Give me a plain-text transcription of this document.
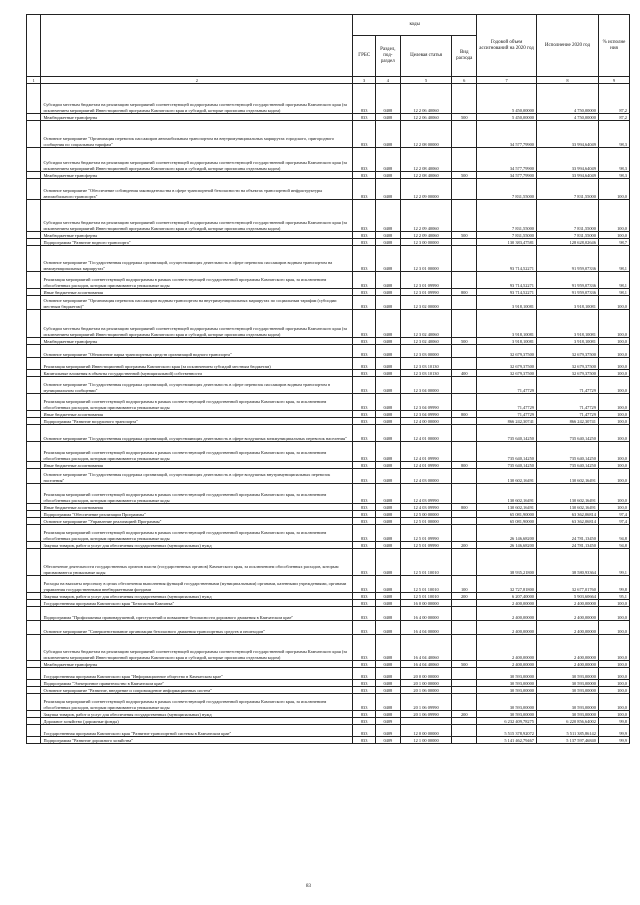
		коды				Годовой объем ассигнований на 2020 год	Исполнение 2020 год	% исполне ния
		ГРБС	Раздел, под-раздел	Целевая статья	Вид расхода			
1	2	3	4	5	6	7	8	9
	Субсидии местным бюджетам на реализацию мероприятий соответствующей подпрограммы соответствующей государственной программы Камчатского края (за исключением мероприятий Инвестиционной программы Камчатского края и субсидий, которые прописаны отдельным кодом)	833	0408	12 2 06 40060		5 450,00000	4 750,00000	87,2
	Межбюджетные трансферты	833	0408	12 2 06 40060	500	5 450,00000	4 750,00000	87,2
	Основное мероприятие "Организация перевозок пассажиров автомобильным транспортом на внутримуниципальных маршрутах городского, пригородного сообщения по социальным тарифам"	833	0408	12 2 08 00000		34 577,79900	33 994,64049	98,3
	Субсидии местным бюджетам на реализацию мероприятий соответствующей подпрограммы соответствующей государственной программы Камчатского края (за исключением мероприятий Инвестиционной программы Камчатского края и субсидий, которые прописаны отдельным кодом)	833	0408	12 2 08 40060		34 577,79900	33 994,64049	98,3
	Межбюджетные трансферты	833	0408	12 2 08 40060	500	34 577,79900	33 994,64049	98,3
	Основное мероприятие "Обеспечение соблюдения законодательства в сфере транспортной безопасности на объектах транспортной инфраструктуры автомобильного транспорта"	833	0408	12 2 09 00000		7 831,55000	7 831,55000	100,0
	Субсидии местным бюджетам на реализацию мероприятий соответствующей подпрограммы соответствующей государственной программы Камчатского края (за исключением мероприятий Инвестиционной программы Камчатского края и субсидий, которые прописаны отдельным кодом)	833	0408	12 2 09 40060		7 831,55000	7 831,55000	100,0
	Межбюджетные трансферты	833	0408	12 2 09 40060	500	7 831,55000	7 831,55000	100,0
	Подпрограмма "Развитие водного транспорта"	833	0408	12 3 00 00000		130 383,47581	128 628,02646	98,7
	Основное мероприятие "Государственная поддержка организаций, осуществляющих деятельность в сфере перевозок пассажиров водным транспортом на межмуниципальных маршрутах"	833	0408	12 3 01 00000		93 714,52271	91 959,07336	98,1
	Реализация мероприятий соответствующей подпрограммы в рамках соответствующей государственной программы Камчатского края, за исключением обособленных расходов, которым присваиваются уникальные коды	833	0408	12 3 01 09990		93 714,52271	91 959,07336	98,1
	Иные бюджетные ассигнования	833	0408	12 3 01 09990	800	93 714,52271	91 959,07336	98,1
	Основное мероприятие "Организация перевозок пассажиров водным транспортом на внутримуниципальных маршрутах по социальным тарифам (субсидии местным бюджетам)"	833	0408	12 3 02 00000		3 918,10081	3 918,10081	100,0
	Субсидии местным бюджетам на реализацию мероприятий соответствующей подпрограммы соответствующей государственной программы Камчатского края (за исключением мероприятий Инвестиционной программы Камчатского края и субсидий, которые прописаны отдельным кодом)	833	0408	12 3 02 40060		3 918,10081	3 918,10081	100,0
	Межбюджетные трансферты	833	0408	12 3 02 40060	500	3 918,10081	3 918,10081	100,0
	Основное мероприятие "Обновление парка транспортных средств организаций водного транспорта"	833	0408	12 3 03 00000		32 679,37500	32 679,37500	100,0
	Реализация мероприятий Инвестиционной программы Камчатского края (за исключением субсидий местным бюджетам)	833	0408	12 3 03 10130		32 679,37500	32 679,37500	100,0
	Капитальные вложения в объекты государственной (муниципальной) собственности	833	0408	12 3 03 10130	400	32 679,37500	32 679,37500	100,0
	Основное мероприятие "Государственная поддержка организаций, осуществляющих деятельность в сфере перевозок пассажиров водным транспортом в муниципальном сообщении"	833	0408	12 3 04 00000		71,47729	71,47729	100,0
	Реализация мероприятий соответствующей подпрограммы в рамках соответствующей государственной программы Камчатского края, за исключением обособленных расходов, которым присваиваются уникальные коды	833	0408	12 3 04 09990		71,47729	71,47729	100,0
	Иные бюджетные ассигнования	833	0408	12 3 04 09990	800	71,47729	71,47729	100,0
	Подпрограмма "Развитие воздушного транспорта"	833	0408	12 4 00 00000		866 242,30741	866 242,30741	100,0
	Основное мероприятие "Государственная поддержка организаций, осуществляющих деятельность в сфере воздушных межмуниципальных перевозок населения"	833	0408	12 4 01 00000		735 640,14250	735 640,14250	100,0
	Реализация мероприятий соответствующей подпрограммы в рамках соответствующей государственной программы Камчатского края, за исключением обособленных расходов, которым присваиваются уникальные коды	833	0408	12 4 01 09990		735 640,14250	735 640,14250	100,0
	Иные бюджетные ассигнования	833	0408	12 4 01 09990	800	735 640,14250	735 640,14250	100,0
	Основное мероприятие "Государственная поддержка организаций, осуществляющих деятельность в сфере воздушных внутримуниципальных перевозок населения"	833	0408	12 4 03 00000		130 602,16491	130 602,16491	100,0
	Реализация мероприятий соответствующей подпрограммы в рамках соответствующей государственной программы Камчатского края, за исключением обособленных расходов, которым присваиваются уникальные коды	833	0408	12 4 03 09990		130 602,16491	130 602,16491	100,0
	Иные бюджетные ассигнования	833	0408	12 4 03 09990	800	130 602,16491	130 602,16491	100,0
	Подпрограмма "Обеспечение реализации Программы"	833	0408	12 5 00 00000		65 081,90000	63 362,06814	97,4
	Основное мероприятие "Управление реализацией Программы"	833	0408	12 5 01 00000		65 081,90000	63 362,06814	97,4
	Реализация мероприятий соответствующей подпрограммы в рамках соответствующей государственной программы Камчатского края, за исключением обособленных расходов, которым присваиваются уникальные коды	833	0408	12 5 01 09990		26 146,68200	24 781,13450	94,8
	Закупка товаров, работ и услуг для обеспечения государственных (муниципальных) нужд	833	0408	12 5 01 09990	200	26 146,68200	24 781,13450	94,8
	Обеспечение деятельности государственных органов власти (государственных органов) Камчатского края, за исключением обособленных расходов, которым присваиваются уникальные коды	833	0408	12 5 01 10010		38 935,21800	38 580,93364	99,1
	Расходы на выплаты персоналу в целях обеспечения выполнения функций государственными (муниципальными) органами, казенными учреждениями, органами управления государственными внебюджетными фондами	833	0408	12 5 01 10010	100	32 727,81800	32 677,01760	99,8
	Закупка товаров, работ и услуг для обеспечения государственных (муниципальных) нужд	833	0408	12 5 01 10010	200	6 207,40000	5 903,60664	95,1
	Государственная программа Камчатского края "Безопасная Камчатка"	833	0408	16 0 00 00000		2 400,00000	2 400,00000	100,0
	Подпрограмма "Профилактика правонарушений, преступлений и повышение безопасности дорожного движения в Камчатском крае"	833	0408	16 4 00 00000		2 400,00000	2 400,00000	100,0
	Основное мероприятие "Совершенствование организации безопасного движения транспортных средств и пешеходов"	833	0408	16 4 04 00000		2 400,00000	2 400,00000	100,0
	Субсидии местным бюджетам на реализацию мероприятий соответствующей подпрограммы соответствующей государственной программы Камчатского края (за исключением мероприятий Инвестиционной программы Камчатского края и субсидий, которые прописаны отдельным кодом)	833	0408	16 4 04 40060		2 400,00000	2 400,00000	100,0
	Межбюджетные трансферты	833	0408	16 4 04 40060	500	2 400,00000	2 400,00000	100,0
	Государственная программа Камчатского края "Информационное общество в Камчатском крае"	833	0408	20 0 00 00000		30 593,00000	30 593,00000	100,0
	Подпрограмма "Электронное правительство в Камчатском крае"	833	0408	20 1 00 00000		30 593,00000	30 593,00000	100,0
	Основное мероприятие "Развитие, внедрение и сопровождение информационных систем"	833	0408	20 1 06 00000		30 593,00000	30 593,00000	100,0
	Реализация мероприятий соответствующей подпрограммы в рамках соответствующей государственной программы Камчатского края, за исключением обособленных расходов, которым присваиваются уникальные коды	833	0408	20 1 06 09990		30 593,00000	30 593,00000	100,0
	Закупка товаров, работ и услуг для обеспечения государственных (муниципальных) нужд	833	0408	20 1 06 09990	200	30 593,00000	30 593,00000	100,0
	Дорожное хозяйство (дорожные фонды)	833	0409			6 232 409,78275	6 220 856,64002	99,8
	Государственная программа Камчатского края "Развитие транспортной системы в Камчатском крае"	833	0409	12 0 00 00000		5 515 378,92072	5 511 385,86142	99,9
	Подпрограмма "Развитие дорожного хозяйства"	833	0409	12 1 00 00000		5 141 462,79467	5 137 597,46840	99,9
83
